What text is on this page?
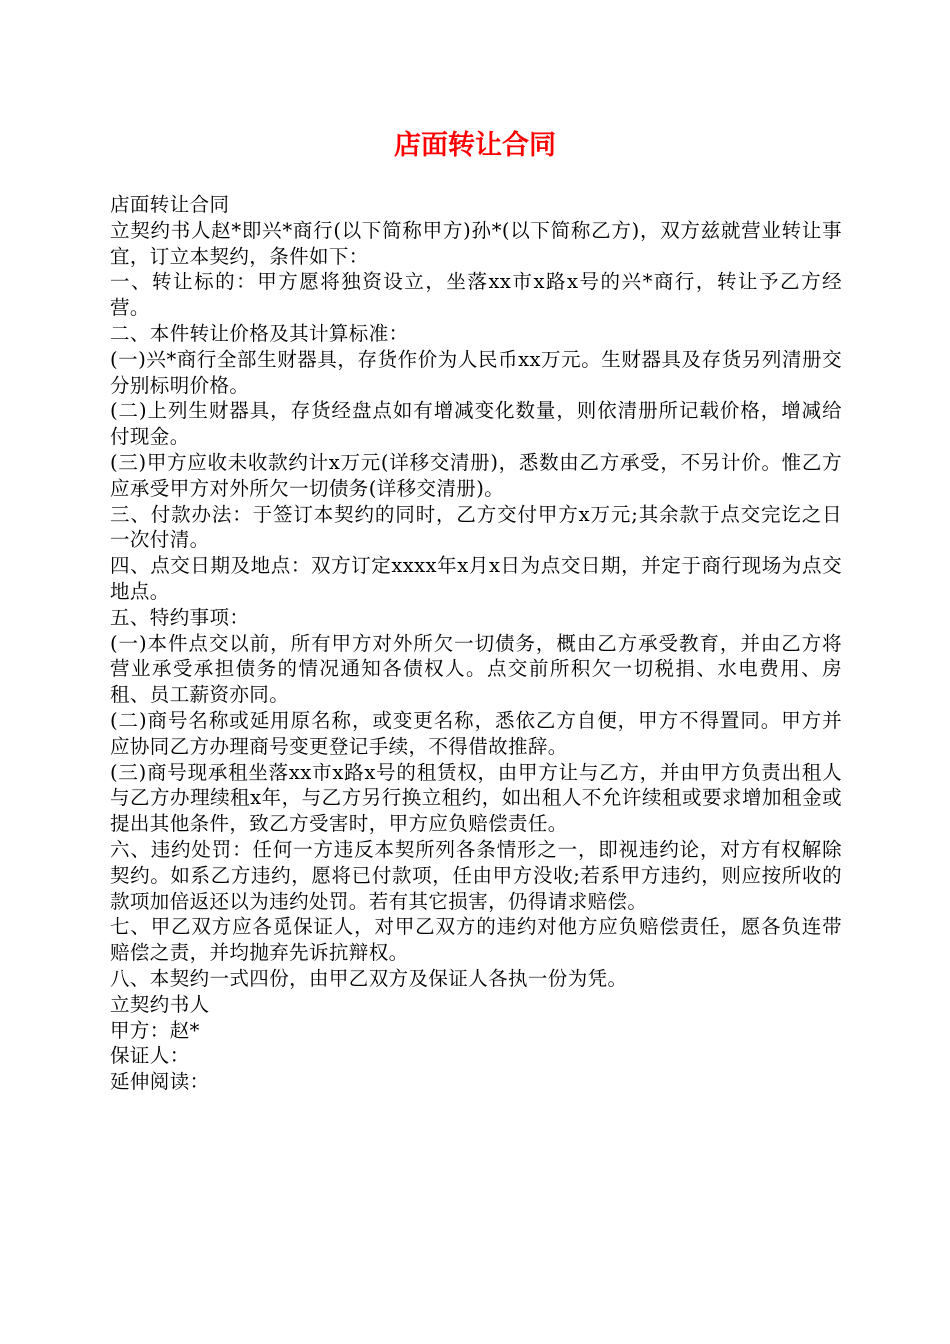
店面转让合同

店面转让合同

立契约书人赵*即兴*商行(以下简称甲方)孙*(以下简称乙方)，双方兹就营业转让事宜，订立本契约，条件如下：

一、转让标的：甲方愿将独资设立，坐落xx市x路x号的兴*商行，转让予乙方经营。

二、本件转让价格及其计算标准：

(一)兴*商行全部生财器具，存货作价为人民币xx万元。生财器具及存货另列清册交分别标明价格。

(二)上列生财器具，存货经盘点如有增减变化数量，则依清册所记载价格，增减给付现金。

(三)甲方应收未收款约计x万元(详移交清册)，悉数由乙方承受，不另计价。惟乙方应承受甲方对外所欠一切债务(详移交清册)。

三、付款办法：于签订本契约的同时，乙方交付甲方x万元;其余款于点交完讫之日一次付清。

四、点交日期及地点：双方订定xxxx年x月x日为点交日期，并定于商行现场为点交地点。

五、特约事项：

(一)本件点交以前，所有甲方对外所欠一切债务，概由乙方承受教育，并由乙方将营业承受承担债务的情况通知各债权人。点交前所积欠一切税捐、水电费用、房租、员工薪资亦同。

(二)商号名称或延用原名称，或变更名称，悉依乙方自便，甲方不得置同。甲方并应协同乙方办理商号变更登记手续，不得借故推辞。

(三)商号现承租坐落xx市x路x号的租赁权，由甲方让与乙方，并由甲方负责出租人与乙方办理续租x年，与乙方另行换立租约，如出租人不允许续租或要求增加租金或提出其他条件，致乙方受害时，甲方应负赔偿责任。

六、违约处罚：任何一方违反本契所列各条情形之一，即视违约论，对方有权解除契约。如系乙方违约，愿将已付款项，任由甲方没收;若系甲方违约，则应按所收的款项加倍返还以为违约处罚。若有其它损害，仍得请求赔偿。

七、甲乙双方应各觅保证人，对甲乙双方的违约对他方应负赔偿责任，愿各负连带赔偿之责，并均抛弃先诉抗辩权。

八、本契约一式四份，由甲乙双方及保证人各执一份为凭。

立契约书人

甲方：赵*

保证人：

延伸阅读：
